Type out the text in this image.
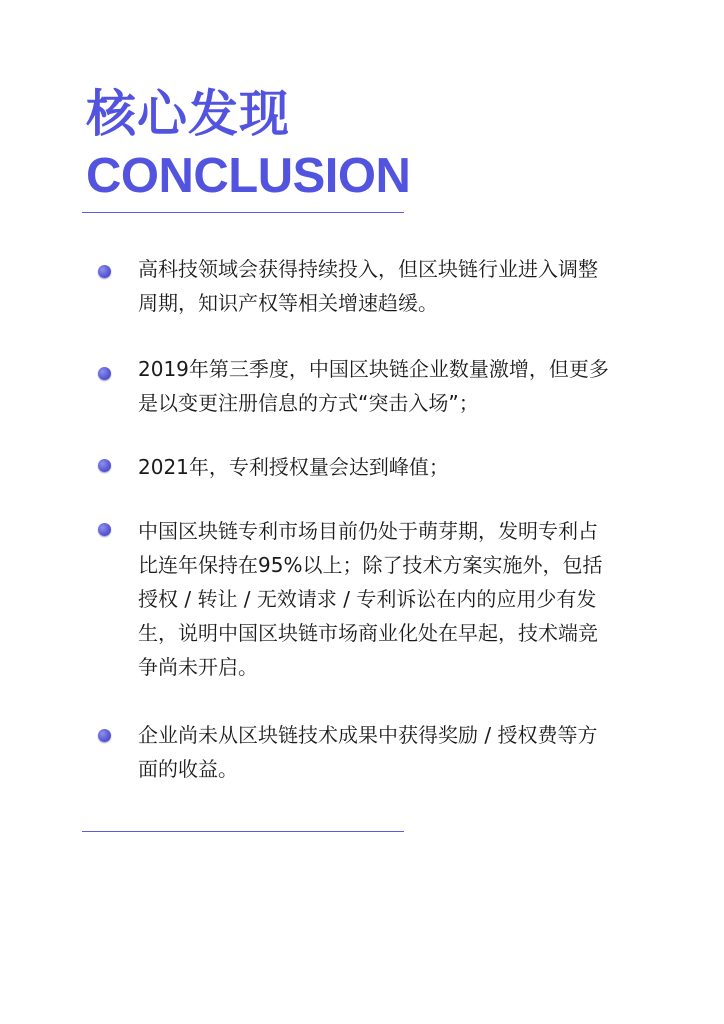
核心发现
CONCLUSION

高科技领域会获得持续投入，但区块链行业进入调整
周期，知识产权等相关增速趋缓。

2019年第三季度，中国区块链企业数量激增，但更多
是以变更注册信息的方式“突击入场”；

2021年，专利授权量会达到峰值；

中国区块链专利市场目前仍处于萌芽期，发明专利占
比连年保持在95%以上；除了技术方案实施外，包括
授权 / 转让 / 无效请求 / 专利诉讼在内的应用少有发
生，说明中国区块链市场商业化处在早起，技术端竞
争尚未开启。

企业尚未从区块链技术成果中获得奖励 / 授权费等方
面的收益。
